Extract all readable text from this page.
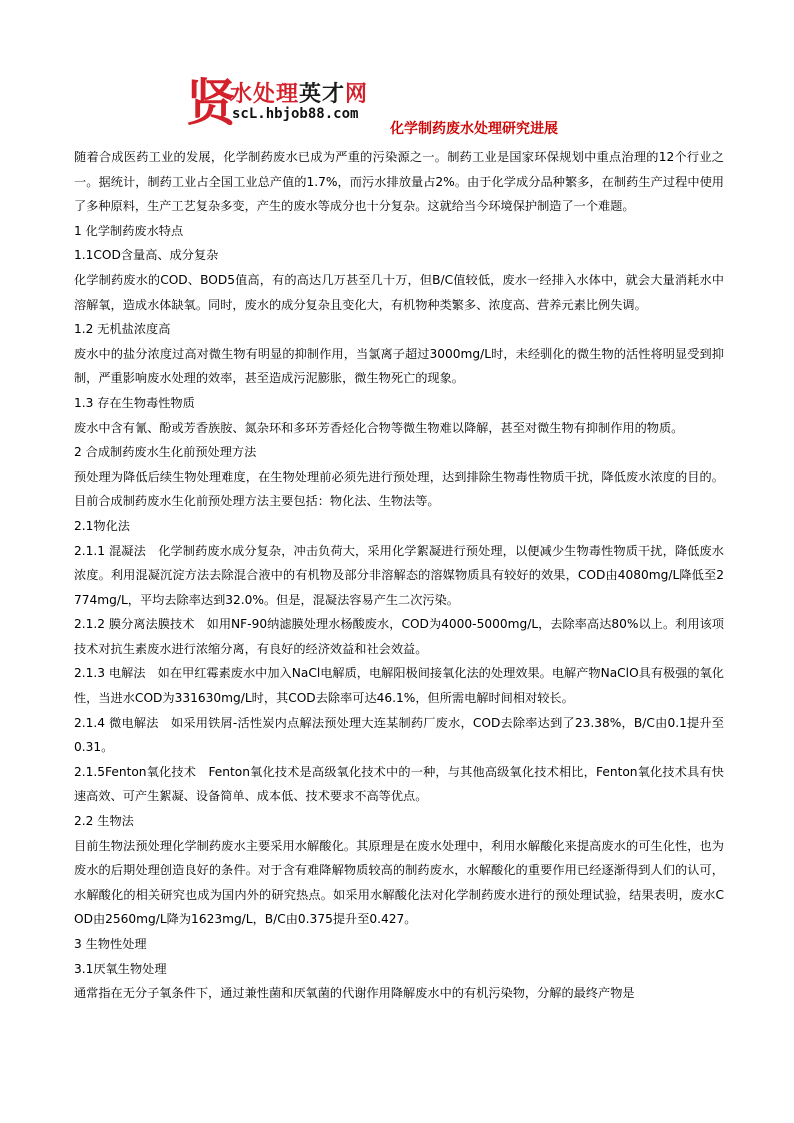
贤
水处理英才网
scL.hbjob88.com
化学制药废水处理研究进展

随着合成医药工业的发展，化学制药废水已成为严重的污染源之一。制药工业是国家环保规划中重点治理的12个行业之一。据统计，制药工业占全国工业总产值的1.7%，而污水排放量占2%。由于化学成分品种繁多，在制药生产过程中使用了多种原料，生产工艺复杂多变，产生的废水等成分也十分复杂。这就给当今环境保护制造了一个难题。

1 化学制药废水特点

1.1COD含量高、成分复杂

化学制药废水的COD、BOD5值高，有的高达几万甚至几十万，但B/C值较低，废水一经排入水体中，就会大量消耗水中溶解氧，造成水体缺氧。同时，废水的成分复杂且变化大，有机物种类繁多、浓度高、营养元素比例失调。

1.2 无机盐浓度高

废水中的盐分浓度过高对微生物有明显的抑制作用，当氯离子超过3000mg/L时，未经驯化的微生物的活性将明显受到抑制，严重影响废水处理的效率，甚至造成污泥膨胀，微生物死亡的现象。

1.3 存在生物毒性物质

废水中含有氰、酚或芳香族胺、氮杂环和多环芳香烃化合物等微生物难以降解，甚至对微生物有抑制作用的物质。

2 合成制药废水生化前预处理方法

预处理为降低后续生物处理难度，在生物处理前必须先进行预处理，达到排除生物毒性物质干扰，降低废水浓度的目的。目前合成制药废水生化前预处理方法主要包括：物化法、生物法等。

2.1物化法

2.1.1 混凝法　化学制药废水成分复杂，冲击负荷大，采用化学絮凝进行预处理，以便减少生物毒性物质干扰，降低废水浓度。利用混凝沉淀方法去除混合液中的有机物及部分非溶解态的溶媒物质具有较好的效果，COD由4080mg/L降低至2774mg/L，平均去除率达到32.0%。但是，混凝法容易产生二次污染。

2.1.2 膜分离法膜技术　如用NF-90纳滤膜处理水杨酸废水，COD为4000-5000mg/L，去除率高达80%以上。利用该项技术对抗生素废水进行浓缩分离，有良好的经济效益和社会效益。

2.1.3 电解法　如在甲红霉素废水中加入NaCl电解质，电解阳极间接氧化法的处理效果。电解产物NaClO具有极强的氧化性，当进水COD为331630mg/L时，其COD去除率可达46.1%，但所需电解时间相对较长。

2.1.4 微电解法　如采用铁屑-活性炭内点解法预处理大连某制药厂废水，COD去除率达到了23.38%，B/C由0.1提升至0.31。

2.1.5Fenton氧化技术　Fenton氧化技术是高级氧化技术中的一种，与其他高级氧化技术相比，Fenton氧化技术具有快速高效、可产生絮凝、设备简单、成本低、技术要求不高等优点。

2.2 生物法

目前生物法预处理化学制药废水主要采用水解酸化。其原理是在废水处理中，利用水解酸化来提高废水的可生化性，也为废水的后期处理创造良好的条件。对于含有难降解物质较高的制药废水，水解酸化的重要作用已经逐渐得到人们的认可，水解酸化的相关研究也成为国内外的研究热点。如采用水解酸化法对化学制药废水进行的预处理试验，结果表明，废水COD由2560mg/L降为1623mg/L，B/C由0.375提升至0.427。

3 生物性处理

3.1厌氧生物处理

通常指在无分子氧条件下，通过兼性菌和厌氧菌的代谢作用降解废水中的有机污染物，分解的最终产物是
